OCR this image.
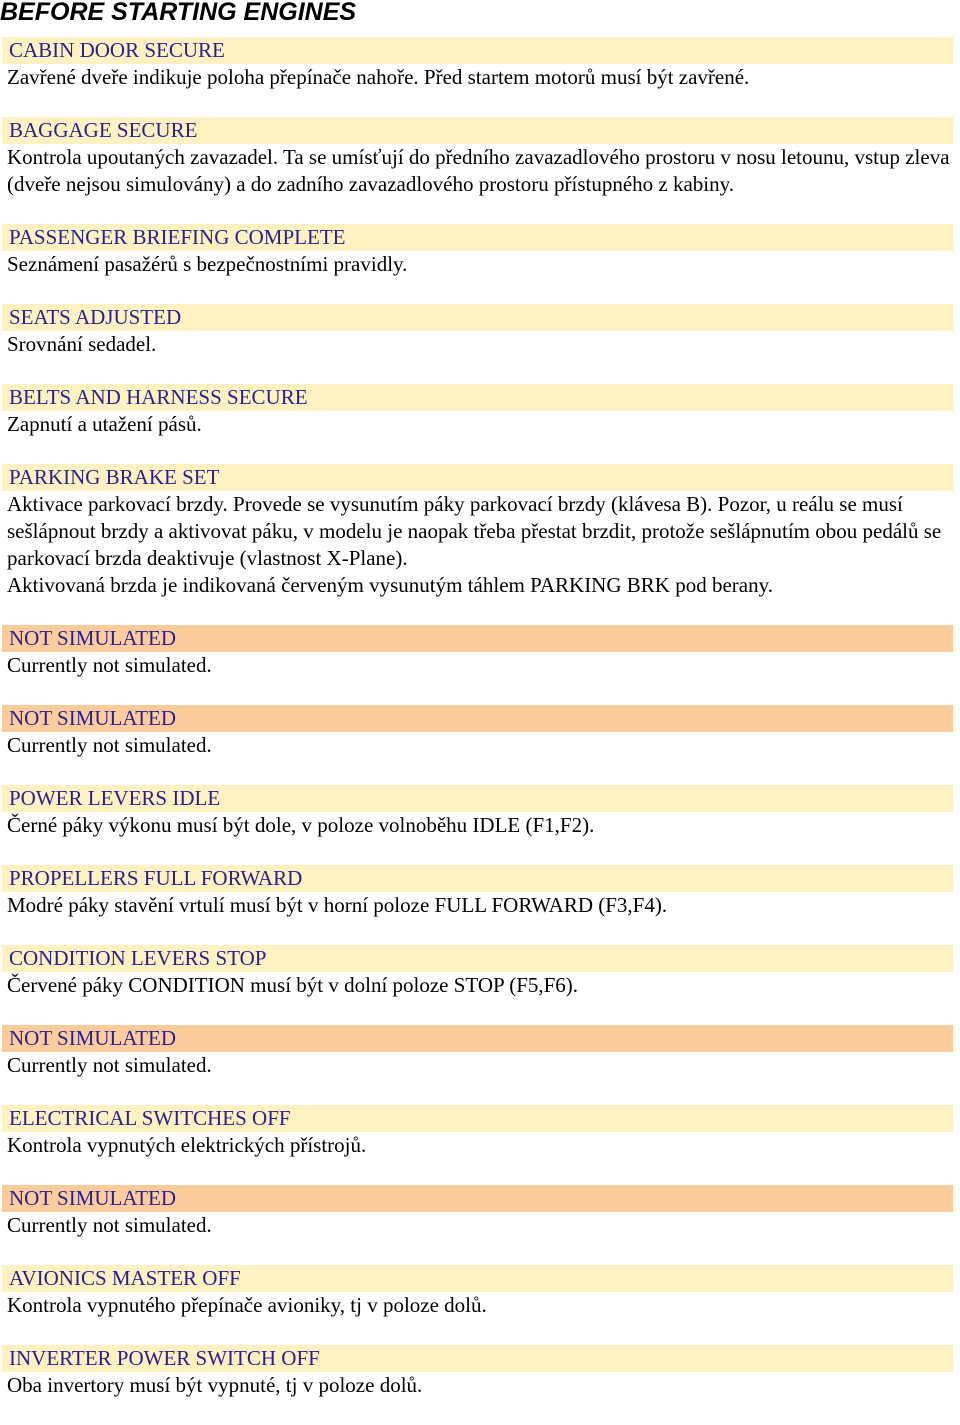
BEFORE STARTING ENGINES
CABIN DOOR SECURE

Zavřené dveře indikuje poloha přepínače nahoře. Před startem motorů musí být zavřené.

BAGGAGE SECURE

Kontrola upoutaných zavazadel. Ta se umísťují do předního zavazadlového prostoru v nosu letounu, vstup zleva (dveře nejsou simulovány) a do zadního zavazadlového prostoru přístupného z kabiny.

PASSENGER BRIEFING COMPLETE

Seznámení pasažérů s bezpečnostními pravidly.

SEATS ADJUSTED

Srovnání sedadel.

BELTS AND HARNESS SECURE

Zapnutí a utažení pásů.

PARKING BRAKE SET

Aktivace parkovací brzdy. Provede se vysunutím páky parkovací brzdy (klávesa B). Pozor, u reálu se musí sešlápnout brzdy a aktivovat páku, v modelu je naopak třeba přestat brzdit, protože sešlápnutím obou pedálů se parkovací brzda deaktivuje (vlastnost X-Plane).

Aktivovaná brzda je indikovaná červeným vysunutým táhlem PARKING BRK pod berany.

NOT SIMULATED

Currently not simulated.

NOT SIMULATED

Currently not simulated.

POWER LEVERS IDLE

Černé páky výkonu musí být dole, v poloze volnoběhu IDLE (F1,F2).

PROPELLERS FULL FORWARD

Modré páky stavění vrtulí musí být v horní poloze FULL FORWARD (F3,F4).

CONDITION LEVERS STOP

Červené páky CONDITION musí být v dolní poloze STOP (F5,F6).

NOT SIMULATED

Currently not simulated.

ELECTRICAL SWITCHES OFF

Kontrola vypnutých elektrických přístrojů.

NOT SIMULATED

Currently not simulated.

AVIONICS MASTER OFF

Kontrola vypnutého přepínače avioniky, tj v poloze dolů.

INVERTER POWER SWITCH OFF

Oba invertory musí být vypnuté, tj v poloze dolů.
